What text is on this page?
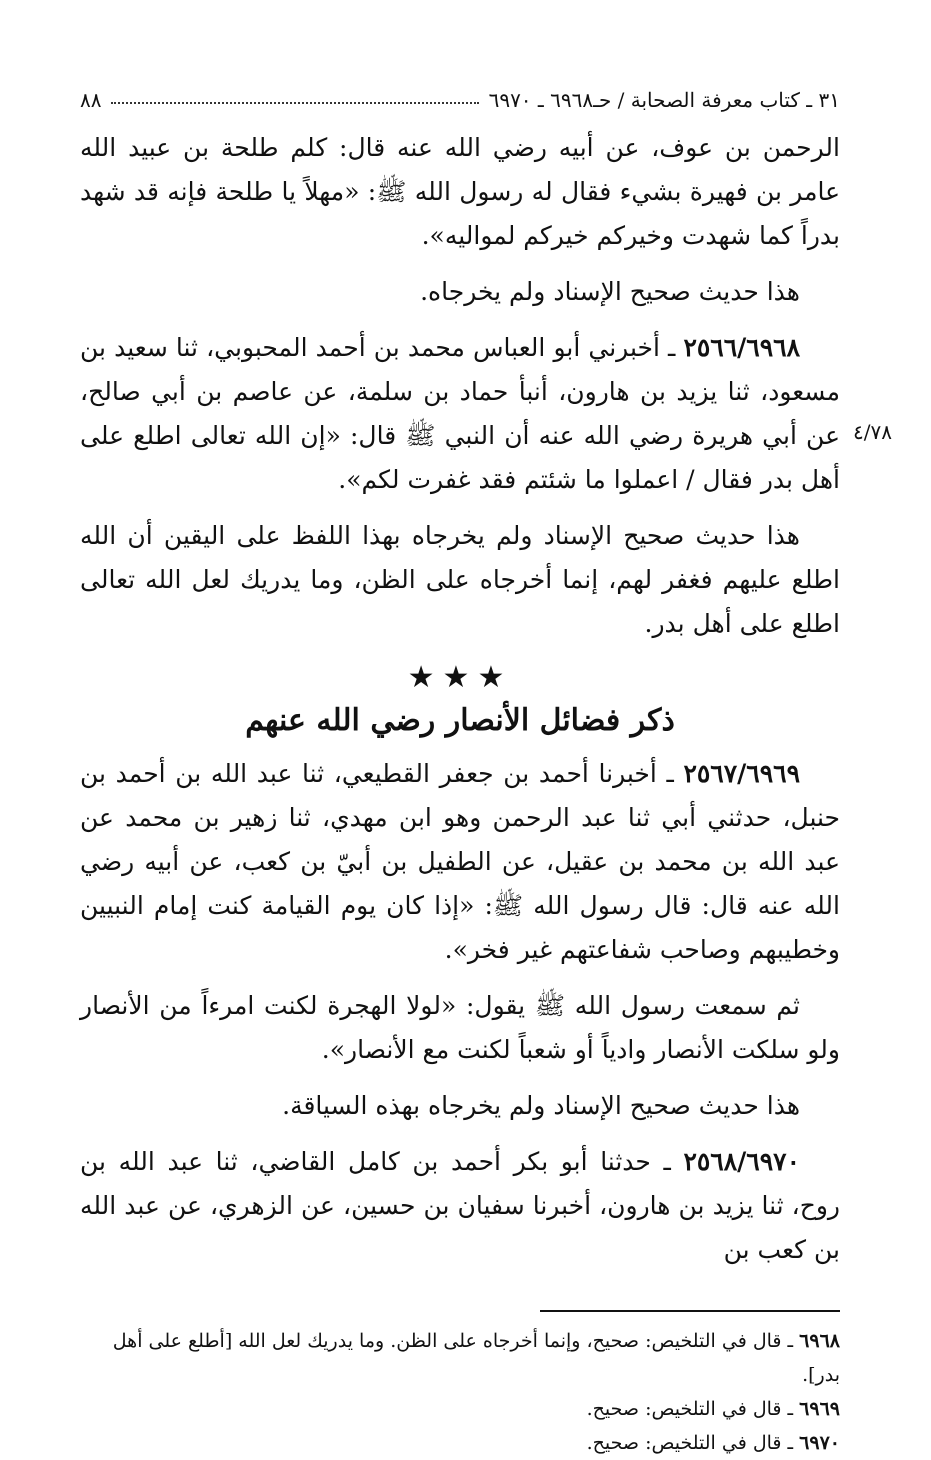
٨٨	٣١ ـ كتاب معرفة الصحابة / حـ٦٩٦٨ ـ ٦٩٧٠

الرحمن بن عوف، عن أبيه رضي الله عنه قال: كلم طلحة بن عبيد الله عامر بن فهيرة بشيء فقال له رسول الله ﷺ: «مهلاً يا طلحة فإنه قد شهد بدراً كما شهدت وخيركم خيركم لمواليه».

هذا حديث صحيح الإسناد ولم يخرجاه.

٤/٧٨

٢٥٦٦/٦٩٦٨ ـ أخبرني أبو العباس محمد بن أحمد المحبوبي، ثنا سعيد بن مسعود، ثنا يزيد بن هارون، أنبأ حماد بن سلمة، عن عاصم بن أبي صالح، عن أبي هريرة رضي الله عنه أن النبي ﷺ قال: «إن الله تعالى اطلع على أهل بدر فقال / اعملوا ما شئتم فقد غفرت لكم».

هذا حديث صحيح الإسناد ولم يخرجاه بهذا اللفظ على اليقين أن الله اطلع عليهم فغفر لهم، إنما أخرجاه على الظن، وما يدريك لعل الله تعالى اطلع على أهل بدر.

★★★
ذكر فضائل الأنصار رضي الله عنهم

٢٥٦٧/٦٩٦٩ ـ أخبرنا أحمد بن جعفر القطيعي، ثنا عبد الله بن أحمد بن حنبل، حدثني أبي ثنا عبد الرحمن وهو ابن مهدي، ثنا زهير بن محمد عن عبد الله بن محمد بن عقيل، عن الطفيل بن أبيّ بن كعب، عن أبيه رضي الله عنه قال: قال رسول الله ﷺ: «إذا كان يوم القيامة كنت إمام النبيين وخطيبهم وصاحب شفاعتهم غير فخر».

ثم سمعت رسول الله ﷺ يقول: «لولا الهجرة لكنت امرءاً من الأنصار ولو سلكت الأنصار وادياً أو شعباً لكنت مع الأنصار».

هذا حديث صحيح الإسناد ولم يخرجاه بهذه السياقة.

٢٥٦٨/٦٩٧٠ ـ حدثنا أبو بكر أحمد بن كامل القاضي، ثنا عبد الله بن روح، ثنا يزيد بن هارون، أخبرنا سفيان بن حسين، عن الزهري، عن عبد الله بن كعب بن

٦٩٦٨ ـ قال في التلخيص: صحيح، وإنما أخرجاه على الظن. وما يدريك لعل الله [أطلع على أهل بدر].

٦٩٦٩ ـ قال في التلخيص: صحيح.

٦٩٧٠ ـ قال في التلخيص: صحيح.
